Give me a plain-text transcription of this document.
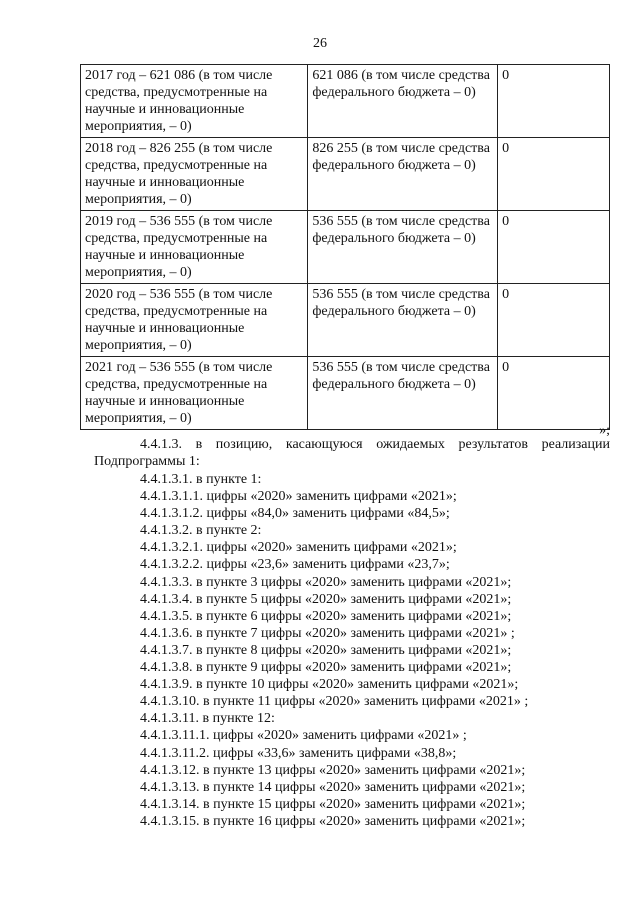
26
2017 год – 621 086 (в том числе средства, предусмотренные на научные и инновационные мероприятия, – 0)	621 086 (в том числе средства федерального бюджета – 0)	0
2018 год – 826 255 (в том числе средства, предусмотренные на научные и инновационные мероприятия, – 0)	826 255 (в том числе средства федерального бюджета – 0)	0
2019 год – 536 555 (в том числе средства, предусмотренные на научные и инновационные мероприятия, – 0)	536 555 (в том числе средства федерального бюджета – 0)	0
2020 год – 536 555 (в том числе средства, предусмотренные на научные и инновационные мероприятия, – 0)	536 555 (в том числе средства федерального бюджета – 0)	0
2021 год – 536 555 (в том числе средства, предусмотренные на научные и инновационные мероприятия, – 0)	536 555 (в том числе средства федерального бюджета – 0)	0
»;
4.4.1.3. в позицию, касающуюся ожидаемых результатов реализации Подпрограммы 1:
4.4.1.3.1. в пункте 1:
4.4.1.3.1.1. цифры «2020» заменить цифрами «2021»;
4.4.1.3.1.2. цифры «84,0» заменить цифрами «84,5»;
4.4.1.3.2. в пункте 2:
4.4.1.3.2.1. цифры «2020» заменить цифрами «2021»;
4.4.1.3.2.2. цифры «23,6» заменить цифрами «23,7»;
4.4.1.3.3. в пункте 3 цифры «2020» заменить цифрами «2021»;
4.4.1.3.4. в пункте 5 цифры «2020» заменить цифрами «2021»;
4.4.1.3.5. в пункте 6 цифры «2020» заменить цифрами «2021»;
4.4.1.3.6. в пункте 7 цифры «2020» заменить цифрами «2021» ;
4.4.1.3.7. в пункте 8 цифры «2020» заменить цифрами «2021»;
4.4.1.3.8. в пункте 9 цифры «2020» заменить цифрами «2021»;
4.4.1.3.9. в пункте 10 цифры «2020» заменить цифрами «2021»;
4.4.1.3.10. в пункте 11 цифры «2020» заменить цифрами «2021» ;
4.4.1.3.11. в пункте 12:
4.4.1.3.11.1. цифры «2020» заменить цифрами «2021» ;
4.4.1.3.11.2. цифры «33,6» заменить цифрами «38,8»;
4.4.1.3.12. в пункте 13 цифры «2020» заменить цифрами «2021»;
4.4.1.3.13. в пункте 14 цифры «2020» заменить цифрами «2021»;
4.4.1.3.14. в пункте 15 цифры «2020» заменить цифрами «2021»;
4.4.1.3.15. в пункте 16 цифры «2020» заменить цифрами «2021»;
